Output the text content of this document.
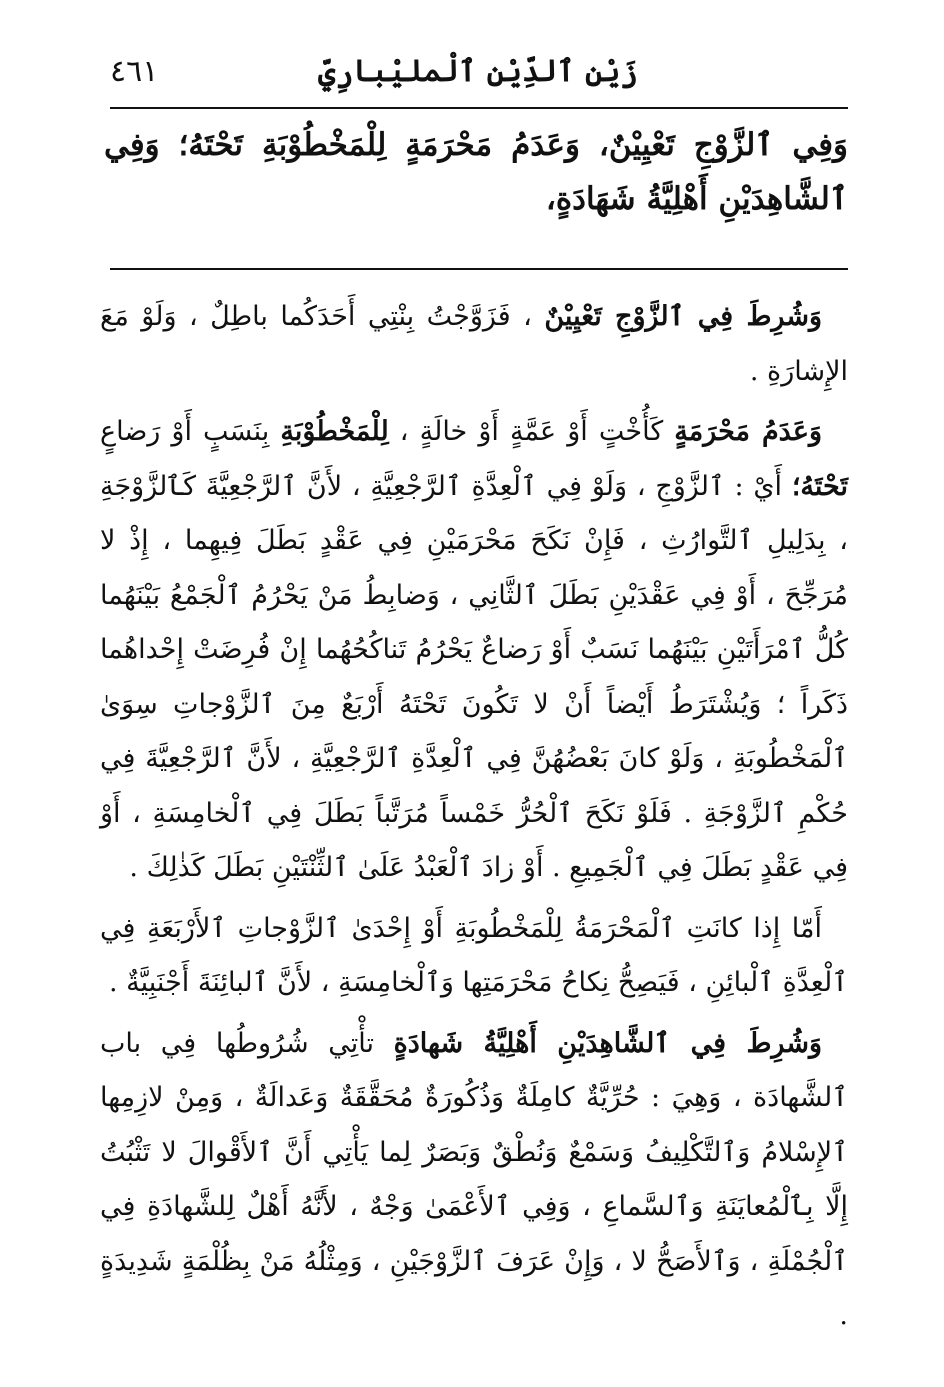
زَيْن ٱلدِّيْن ٱلْمليْبارِيِّ
٤٦١

وَفِي ٱلزَّوْجِ تَعْيِيْنٌ، وَعَدَمُ مَحْرَمَةٍ لِلْمَخْطُوْبَةِ تَحْتَهُ؛ وَفِي ٱلشَّاهِدَيْنِ أَهْلِيَّةُ شَهَادَةٍ،

وَشُرِطَ فِي ٱلزَّوْجِ تَعْيِيْنٌ ، فَزَوَّجْتُ بِنْتِي أَحَدَكُما باطِلٌ ، وَلَوْ مَعَ الإِشارَةِ .

وَعَدَمُ مَحْرَمَةٍ كَأُخْتٍ أَوْ عَمَّةٍ أَوْ خالَةٍ ، لِلْمَخْطُوْبَةِ بِنَسَبٍ أَوْ رَضاعٍ تَحْتَهُ؛ أَيْ : ٱلزَّوْجِ ، وَلَوْ فِي ٱلْعِدَّةِ ٱلرَّجْعِيَّةِ ، لأَنَّ ٱلرَّجْعِيَّةَ كَٱلزَّوْجَةِ ، بِدَلِيلِ ٱلتَّوارُثِ ، فَإِنْ نَكَحَ مَحْرَمَيْنِ فِي عَقْدٍ بَطَلَ فِيهِما ، إِذْ لا مُرَجِّحَ ، أَوْ فِي عَقْدَيْنِ بَطَلَ ٱلثَّانِي ، وَضابِطُ مَنْ يَحْرُمُ ٱلْجَمْعُ بَيْنَهُما كُلُّ ٱمْرَأَتَيْنِ بَيْنَهُما نَسَبٌ أَوْ رَضاعٌ يَحْرُمُ تَناكُحُهُما إِنْ فُرِضَتْ إِحْداهُما ذَكَراً ؛ وَيُشْتَرَطُ أَيْضاً أَنْ لا تَكُونَ تَحْتَهُ أَرْبَعٌ مِنَ ٱلزَّوْجاتِ سِوَىٰ ٱلْمَخْطُوبَةِ ، وَلَوْ كانَ بَعْضُهُنَّ فِي ٱلْعِدَّةِ ٱلرَّجْعِيَّةِ ، لأَنَّ ٱلرَّجْعِيَّةَ فِي حُكْمِ ٱلزَّوْجَةِ . فَلَوْ نَكَحَ ٱلْحُرُّ خَمْساً مُرَتَّباً بَطَلَ فِي ٱلْخامِسَةِ ، أَوْ فِي عَقْدٍ بَطَلَ فِي ٱلْجَمِيعِ . أَوْ زادَ ٱلْعَبْدُ عَلَىٰ ٱلثِّنْتَيْنِ بَطَلَ كَذٰلِكَ .

أَمّا إِذا كانَتِ ٱلْمَحْرَمَةُ لِلْمَخْطُوبَةِ أَوْ إِحْدَىٰ ٱلزَّوْجاتِ ٱلأَرْبَعَةِ فِي ٱلْعِدَّةِ ٱلْبائِنِ ، فَيَصِحُّ نِكاحُ مَحْرَمَتِها وَٱلْخامِسَةِ ، لأَنَّ ٱلبائِنَةَ أَجْنَبِيَّةٌ .

وَشُرِطَ فِي ٱلشَّاهِدَيْنِ أَهْلِيَّةُ شَهادَةٍ تأْتِي شُرُوطُها فِي باب ٱلشَّهادَة ، وَهِيَ : حُرِّيَّةٌ كامِلَةٌ وَذُكُورَةٌ مُحَقَّقَةٌ وَعَدالَةٌ ، وَمِنْ لازِمِها ٱلإِسْلامُ وَٱلتَّكْلِيفُ وَسَمْعٌ وَنُطْقٌ وَبَصَرٌ لِما يَأْتِي أَنَّ ٱلأَقْوالَ لا تَثْبُتُ إِلَّا بِٱلْمُعايَنَةِ وَٱلسَّماعِ ، وَفِي ٱلأَعْمَىٰ وَجْهٌ ، لأَنَّهُ أَهْلٌ لِلشَّهادَةِ فِي ٱلْجُمْلَةِ ، وَٱلأَصَحُّ لا ، وَإِنْ عَرَفَ ٱلزَّوْجَيْنِ ، وَمِثْلُهُ مَنْ بِظُلْمَةٍ شَدِيدَةٍ .
